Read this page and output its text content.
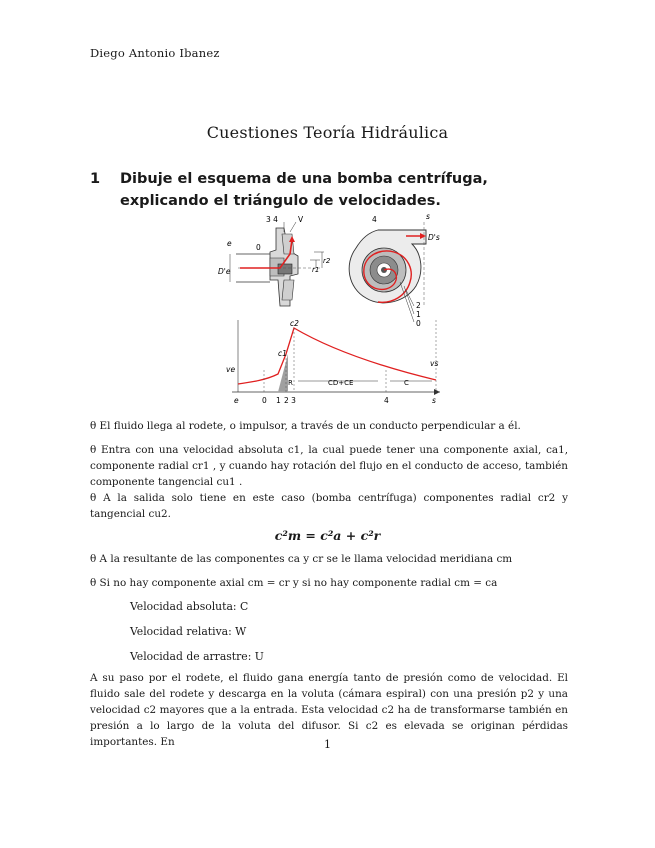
Diego Antonio Ibanez
Cuestiones Teoría Hidráulica
1	Dibuje el esquema de una bomba centrífuga, explicando el triángulo de velocidades.
3 4	V
e	0
D'e	r1
r2
4	s
D's
2
1
0
c2
c1
ve
vs
R	CD+CE	C
e	0 1 2 3	4	s
θ El fluido llega al rodete, o impulsor, a través de un conducto perpendicular a él.
θ Entra con una velocidad absoluta c1, la cual puede tener una componente axial, ca1, componente radial cr1 , y cuando hay rotación del flujo en el conducto de acceso, también componente tangencial cu1 .
θ A la salida solo tiene en este caso (bomba centrífuga) componentes radial cr2 y tangencial cu2.
c²m = c²a + c²r
θ A la resultante de las componentes ca y cr se le llama velocidad meridiana cm
θ Si no hay componente axial cm = cr y si no hay componente radial cm = ca
Velocidad absoluta: C
Velocidad relativa: W
Velocidad de arrastre: U
A su paso por el rodete, el fluido gana energía tanto de presión como de velocidad. El fluido sale del rodete y descarga en la voluta (cámara espiral) con una presión p2 y una velocidad c2 mayores que a la entrada. Esta velocidad c2 ha de transformarse también en presión a lo largo de la voluta del difusor. Si c2 es elevada se originan pérdidas importantes. En	1
